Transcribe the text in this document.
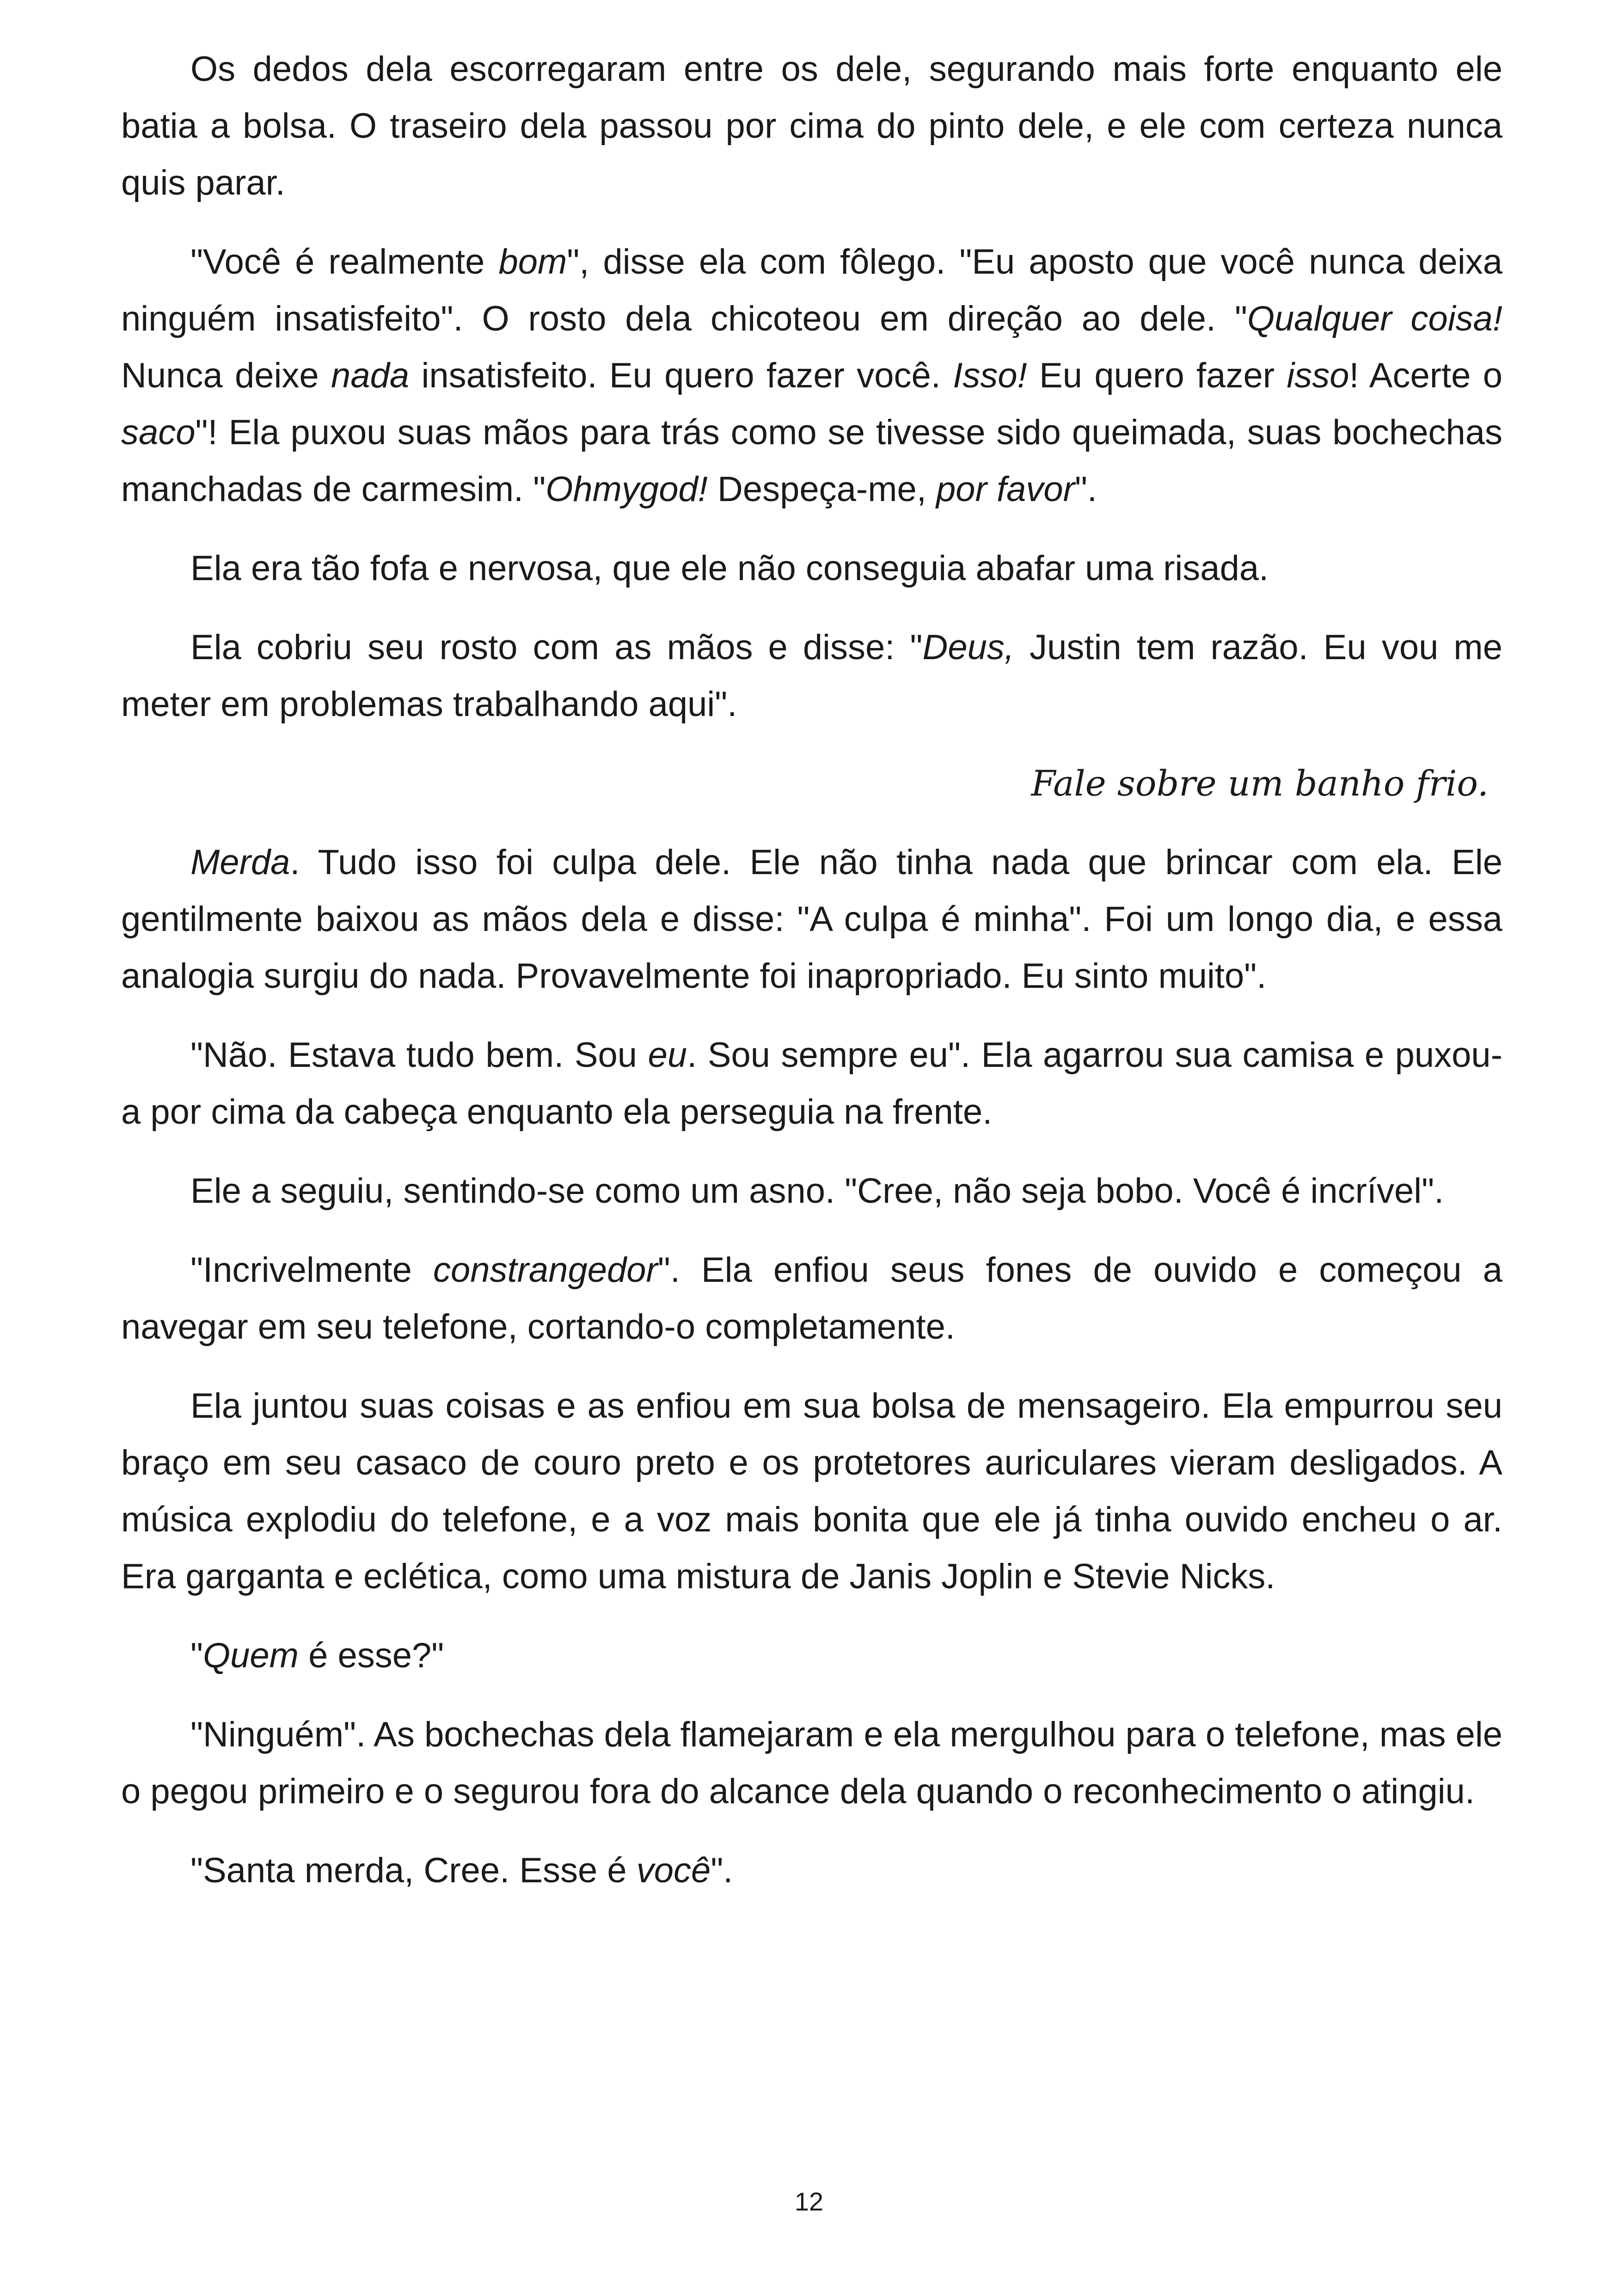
Os dedos dela escorregaram entre os dele, segurando mais forte enquanto ele batia a bolsa. O traseiro dela passou por cima do pinto dele, e ele com certeza nunca quis parar.

"Você é realmente bom", disse ela com fôlego. "Eu aposto que você nunca deixa ninguém insatisfeito". O rosto dela chicoteou em direção ao dele. "Qualquer coisa! Nunca deixe nada insatisfeito. Eu quero fazer você. Isso! Eu quero fazer isso! Acerte o saco"! Ela puxou suas mãos para trás como se tivesse sido queimada, suas bochechas manchadas de carmesim. "Ohmygod! Despeça-me, por favor".

Ela era tão fofa e nervosa, que ele não conseguia abafar uma risada.

Ela cobriu seu rosto com as mãos e disse: "Deus, Justin tem razão. Eu vou me meter em problemas trabalhando aqui".

Fale sobre um banho frio.

Merda. Tudo isso foi culpa dele. Ele não tinha nada que brincar com ela. Ele gentilmente baixou as mãos dela e disse: "A culpa é minha". Foi um longo dia, e essa analogia surgiu do nada. Provavelmente foi inapropriado. Eu sinto muito".

"Não. Estava tudo bem. Sou eu. Sou sempre eu". Ela agarrou sua camisa e puxou-a por cima da cabeça enquanto ela perseguia na frente.

Ele a seguiu, sentindo-se como um asno. "Cree, não seja bobo. Você é incrível".

"Incrivelmente constrangedor". Ela enfiou seus fones de ouvido e começou a navegar em seu telefone, cortando-o completamente.

Ela juntou suas coisas e as enfiou em sua bolsa de mensageiro. Ela empurrou seu braço em seu casaco de couro preto e os protetores auriculares vieram desligados. A música explodiu do telefone, e a voz mais bonita que ele já tinha ouvido encheu o ar. Era garganta e eclética, como uma mistura de Janis Joplin e Stevie Nicks.

"Quem é esse?"

"Ninguém". As bochechas dela flamejaram e ela mergulhou para o telefone, mas ele o pegou primeiro e o segurou fora do alcance dela quando o reconhecimento o atingiu.

"Santa merda, Cree. Esse é você".

12
